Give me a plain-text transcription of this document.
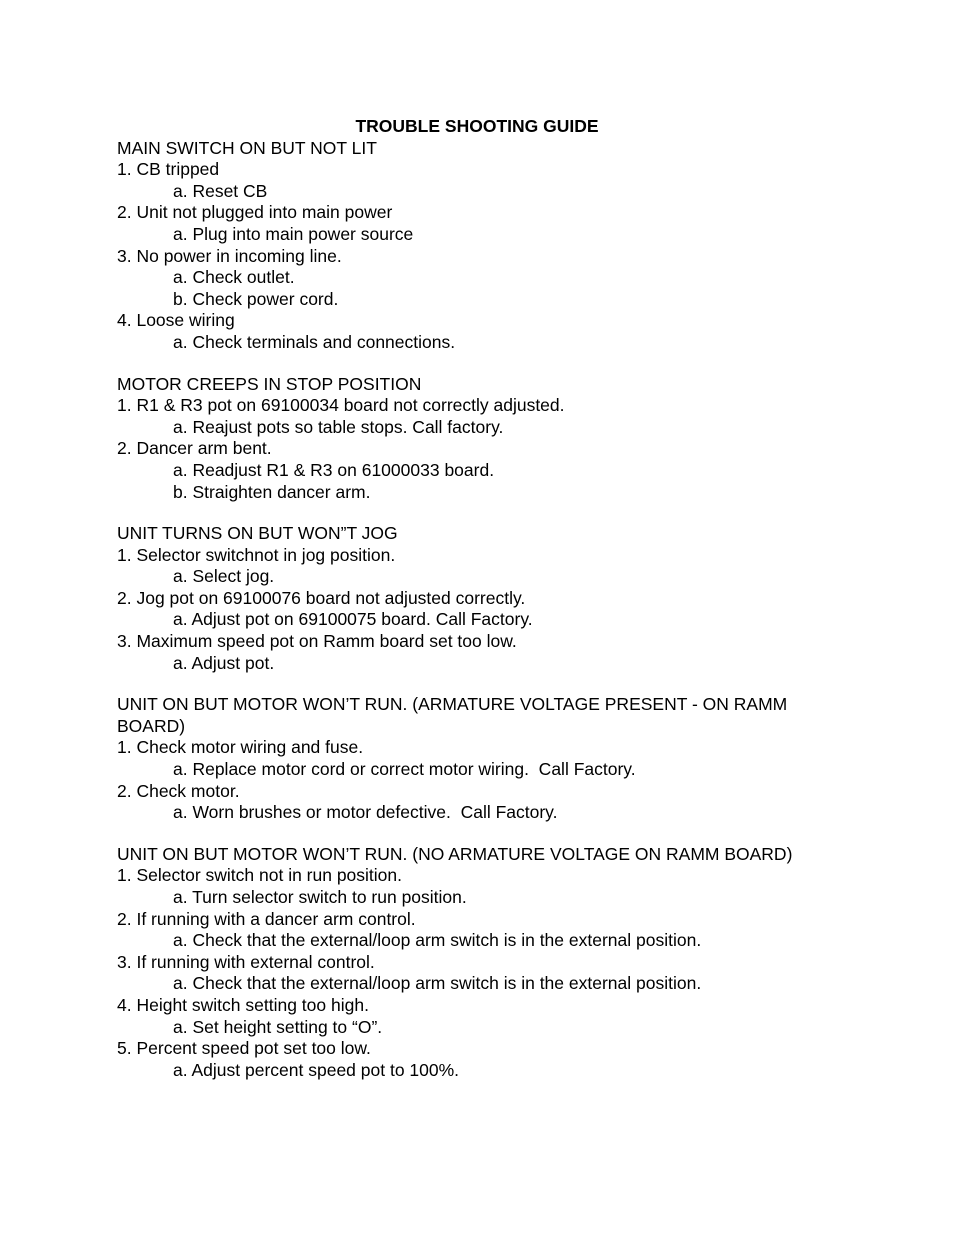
TROUBLE SHOOTING GUIDE
MAIN SWITCH ON BUT NOT LIT
1. CB tripped
a. Reset CB
2. Unit not plugged into main power
a. Plug into main power source
3. No power in incoming line.
a. Check outlet.
b. Check power cord.
4. Loose wiring
a. Check terminals and connections.
MOTOR CREEPS IN STOP POSITION
1. R1 & R3 pot on 69100034 board not correctly adjusted.
a. Reajust pots so table stops. Call factory.
2. Dancer arm bent.
a. Readjust R1 & R3 on 61000033 board.
b. Straighten dancer arm.
UNIT TURNS ON BUT WON”T JOG
1. Selector switchnot in jog position.
a. Select jog.
2. Jog pot on 69100076 board not adjusted correctly.
a. Adjust pot on 69100075 board. Call Factory.
3. Maximum speed pot on Ramm board set too low.
a. Adjust pot.
UNIT ON BUT MOTOR WON’T RUN. (ARMATURE VOLTAGE PRESENT - ON RAMM BOARD)
1. Check motor wiring and fuse.
a. Replace motor cord or correct motor wiring.  Call Factory.
2. Check motor.
a. Worn brushes or motor defective.  Call Factory.
UNIT ON BUT MOTOR WON’T RUN. (NO ARMATURE VOLTAGE ON RAMM BOARD)
1. Selector switch not in run position.
a. Turn selector switch to run position.
2. If running with a dancer arm control.
a. Check that the external/loop arm switch is in the external position.
3. If running with external control.
a. Check that the external/loop arm switch is in the external position.
4. Height switch setting too high.
a. Set height setting to “O”.
5. Percent speed pot set too low.
a. Adjust percent speed pot to 100%.
